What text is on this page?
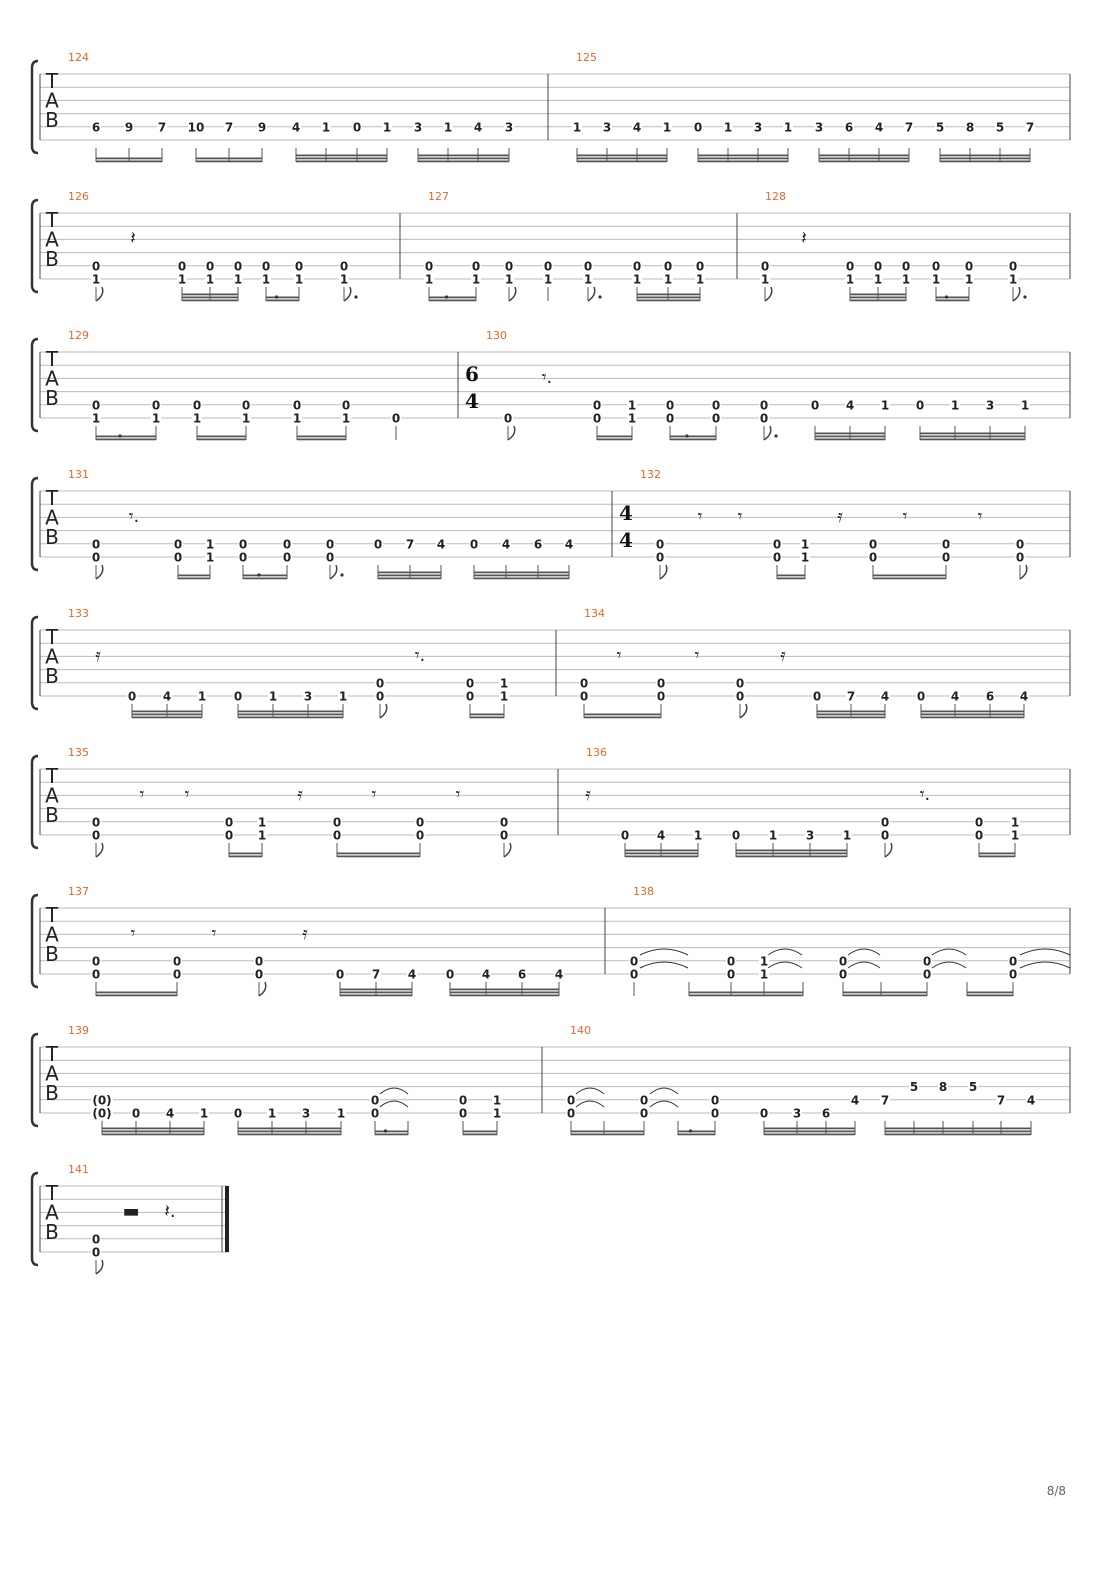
T
A
B
124
6 9 7 10 7 9 4 1 0 1 3 1 4 3
125
1 3 4 1 0 1 3 1 3 6 4 7 5 8 5 7
T
A
B
126
𝄽
0
1
0
1
0
1
0
1
0
1
0
1
0
1
127
0
1
0
1
0
1
0
1
0
1
0
1
0
1
0
1
128
𝄽
0
1
0
1
0
1
0
1
0
1
0
1
0
1
T
A
B
129
0
1
0
1
0
1
0
1
0
1
0
1	0
130
6
4
𝄾.
0
0
0
1
1
0
0
0
0
0
0
0 4 1 0 1 3 1
T
A
B
131
𝄾.
0
0
0
0
1
1
0
0
0
0
0
0
0 7 4 0 4 6 4
132
4
4
𝄾 𝄾	𝄿	𝄾	𝄾
0
0
0
0
1
1
0
0
0
0
0
0
T
A
B
133
𝄿	𝄾.
0 4 1 0 1 3 1
0
0
0
0
1
1
134
𝄾	𝄾	𝄿
0
0
0
0
0
0	0 7 4 0 4 6 4
T
A
B
135
𝄾 𝄾	𝄿	𝄾	𝄾
0
0
0
0
1
1
0
0
0
0
0
0
136
𝄿	𝄾.
0 4 1 0 1 3 1
0
0
0
0
1
1
T
A
B
137
𝄾	𝄾	𝄿
0
0
0
0
0
0	0 7 4 0 4 6 4
138
0
0
0
0
1
1
0
0
0
0
0
0
T
A
B
139
(0)
(0) 0 4 1 0 1 3 1
0
0
0
0
1
1
140
0
0
0
0
0
0	0 3 6
4 7
5 8 5
7 4
T
A
B
141
▬ 𝄽.
0
0
8/8
